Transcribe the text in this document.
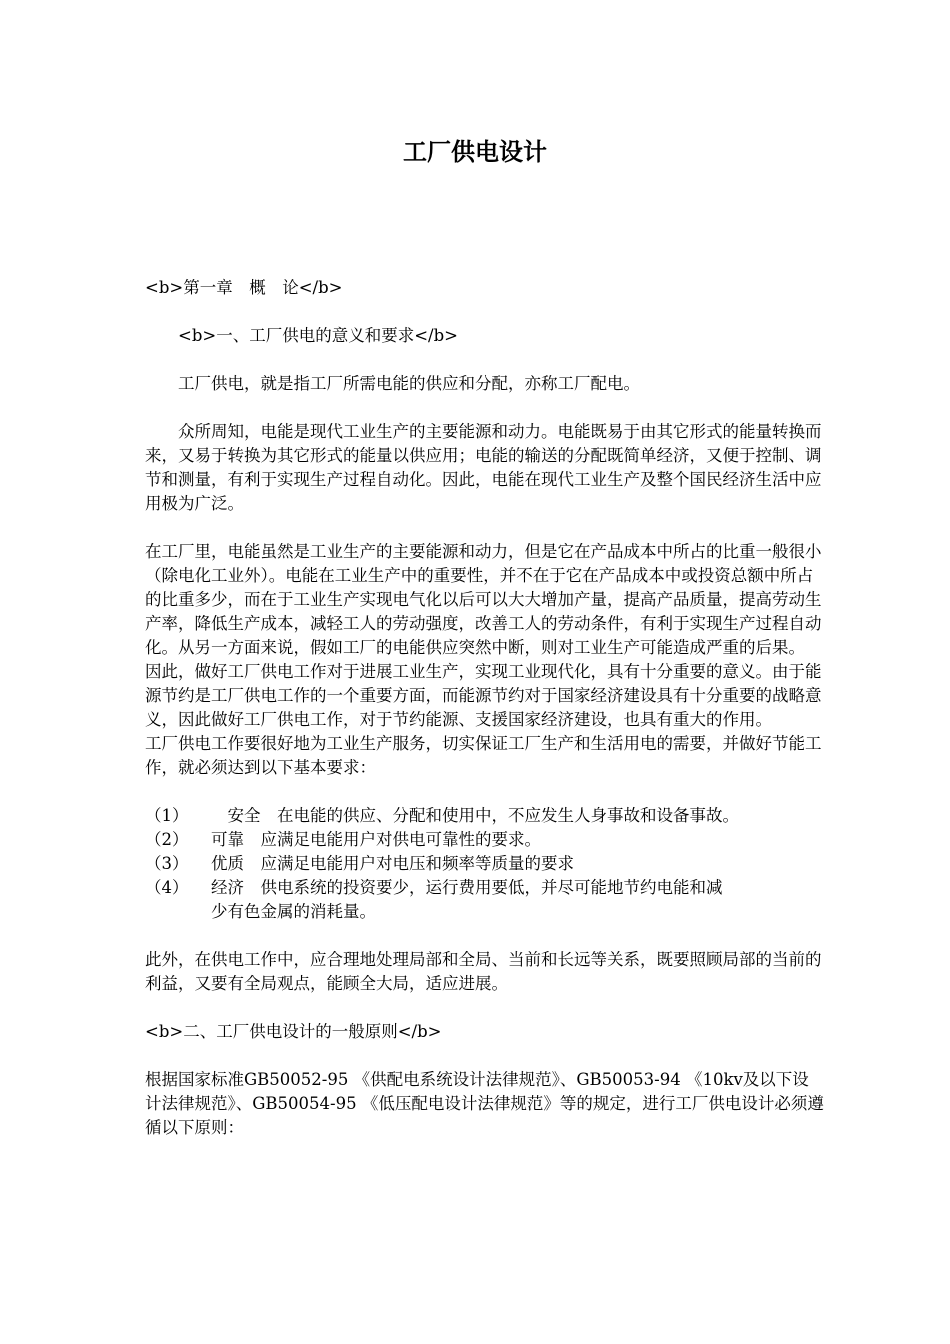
工厂供电设计

<b>第一章　概　论</b>

<b>一、工厂供电的意义和要求</b>

工厂供电，就是指工厂所需电能的供应和分配，亦称工厂配电。

众所周知，电能是现代工业生产的主要能源和动力。电能既易于由其它形式的能量转换而来，又易于转换为其它形式的能量以供应用；电能的输送的分配既简单经济，又便于控制、调节和测量，有利于实现生产过程自动化。因此，电能在现代工业生产及整个国民经济生活中应用极为广泛。

在工厂里，电能虽然是工业生产的主要能源和动力，但是它在产品成本中所占的比重一般很小（除电化工业外）。电能在工业生产中的重要性，并不在于它在产品成本中或投资总额中所占的比重多少，而在于工业生产实现电气化以后可以大大增加产量，提高产品质量，提高劳动生产率，降低生产成本，减轻工人的劳动强度，改善工人的劳动条件，有利于实现生产过程自动化。从另一方面来说，假如工厂的电能供应突然中断，则对工业生产可能造成严重的后果。

因此，做好工厂供电工作对于进展工业生产，实现工业现代化，具有十分重要的意义。由于能源节约是工厂供电工作的一个重要方面，而能源节约对于国家经济建设具有十分重要的战略意义，因此做好工厂供电工作，对于节约能源、支援国家经济建设，也具有重大的作用。

工厂供电工作要很好地为工业生产服务，切实保证工厂生产和生活用电的需要，并做好节能工作，就必须达到以下基本要求：

（1）	　安全　在电能的供应、分配和使用中，不应发生人身事故和设备事故。
（2）	可靠　应满足电能用户对供电可靠性的要求。
（3）	优质　应满足电能用户对电压和频率等质量的要求
（4）	经济　供电系统的投资要少，运行费用要低，并尽可能地节约电能和减

少有色金属的消耗量。

此外，在供电工作中，应合理地处理局部和全局、当前和长远等关系，既要照顾局部的当前的利益，又要有全局观点，能顾全大局，适应进展。

<b>二、工厂供电设计的一般原则</b>

根据国家标准GB50052-95 《供配电系统设计法律规范》、GB50053-94 《10kv及以下设计法律规范》、GB50054-95 《低压配电设计法律规范》等的规定，进行工厂供电设计必须遵循以下原则：
